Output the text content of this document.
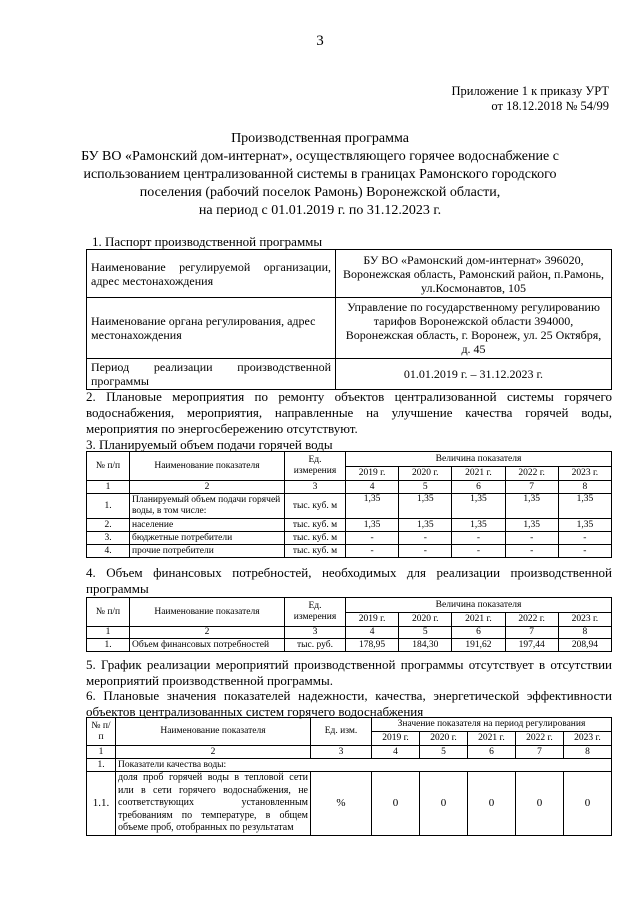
3
Приложение 1 к приказу УРТ
от 18.12.2018 № 54/99
Производственная программа
БУ ВО «Рамонский дом-интернат», осуществляющего горячее водоснабжение с
использованием централизованной системы в границах Рамонского городского
поселения (рабочий поселок Рамонь) Воронежской области,
на период с 01.01.2019 г. по 31.12.2023 г.
1. Паспорт производственной программы
Наименование регулируемой организации, адрес местонахождения	БУ ВО «Рамонский дом-интернат» 396020, Воронежская область, Рамонский район, п.Рамонь, ул.Космонавтов, 105
Наименование органа регулирования, адрес местонахождения	Управление по государственному регулированию тарифов Воронежской области 394000, Воронежская область, г. Воронеж, ул. 25 Октября, д. 45
Период реализации производственной программы	01.01.2019 г. – 31.12.2023 г.
2. Плановые мероприятия по ремонту объектов централизованной системы горячего водоснабжения, мероприятия, направленные на улучшение качества горячей воды, мероприятия по энергосбережению отсутствуют.
3. Планируемый объем подачи горячей воды
№ п/п	Наименование показателя	Ед. измерения	Величина показателя				
			2019 г.	2020 г.	2021 г.	2022 г.	2023 г.
1	2	3	4	5	6	7	8
1.	Планируемый объем подачи горячей воды, в том числе:	тыс. куб. м	1,35	1,35	1,35	1,35	1,35
2.	население	тыс. куб. м	1,35	1,35	1,35	1,35	1,35
3.	бюджетные потребители	тыс. куб. м	-	-	-	-	-
4.	прочие потребители	тыс. куб. м	-	-	-	-	-
4. Объем финансовых потребностей, необходимых для реализации производственной программы
№ п/п	Наименование показателя	Ед. измерения	Величина показателя				
			2019 г.	2020 г.	2021 г.	2022 г.	2023 г.
1	2	3	4	5	6	7	8
1.	Объем финансовых потребностей	тыс. руб.	178,95	184,30	191,62	197,44	208,94
5. График реализации мероприятий производственной программы отсутствует в отсутствии мероприятий производственной программы.
6. Плановые значения показателей надежности, качества, энергетической эффективности объектов централизованных систем горячего водоснабжения
№ п/п	Наименование показателя	Ед. изм.	Значение показателя на период регулирования				
			2019 г.	2020 г.	2021 г.	2022 г.	2023 г.
1	2	3	4	5	6	7	8
1.	Показатели качества воды:						
1.1.	доля проб горячей воды в тепловой сети или в сети горячего водоснабжения, не соответствующих установленным требованиям по температуре, в общем объеме проб, отобранных по результатам	%	0	0	0	0	0
